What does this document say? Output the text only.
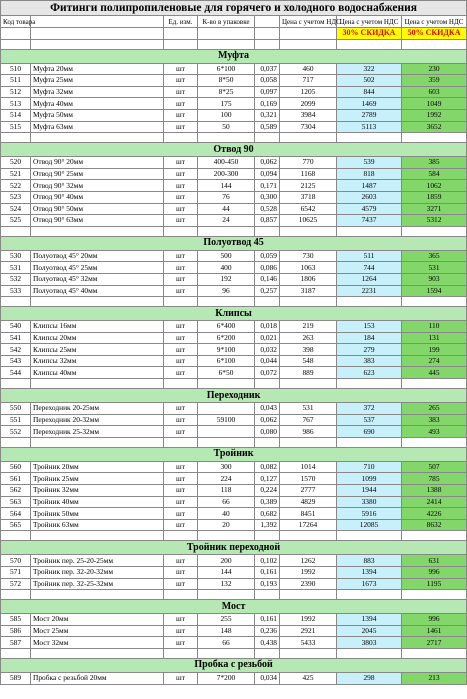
Фитинги полипропиленовые для горячего и холодного водоснабжения							
Код товара		Ед. изм.	К-во в упаковке		Цена с учетом НДС	Цена с учетом НДС	Цена с учетом НДС
						30% СКИДКА	50% СКИДКА

Муфта							
510	Муфта 20мм	шт	6*100	0,037	460	322	230
511	Муфта 25мм	шт	8*50	0,058	717	502	359
512	Муфта 32мм	шт	8*25	0,097	1205	844	603
513	Муфта 40мм	шт	175	0,169	2099	1469	1049
514	Муфта 50мм	шт	100	0,321	3984	2789	1992
515	Муфта 63мм	шт	50	0,589	7304	5113	3652

Отвод 90							
520	Отвод 90° 20мм	шт	400-450	0,062	770	539	385
521	Отвод 90° 25мм	шт	200-300	0,094	1168	818	584
522	Отвод 90° 32мм	шт	144	0,171	2125	1487	1062
523	Отвод 90° 40мм	шт	76	0,300	3718	2603	1859
524	Отвод 90° 50мм	шт	44	0,528	6542	4579	3271
525	Отвод 90° 63мм	шт	24	0,857	10625	7437	5312

Полуотвод 45							
530	Полуотвод 45° 20мм	шт	500	0,059	730	511	365
531	Полуотвод 45° 25мм	шт	400	0,086	1063	744	531
532	Полуотвод 45° 32мм	шт	192	0,146	1806	1264	903
533	Полуотвод 45° 40мм	шт	96	0,257	3187	2231	1594

Клипсы							
540	Клипсы 16мм	шт	6*400	0,018	219	153	110
541	Клипсы 20мм	шт	6*200	0,021	263	184	131
542	Клипсы 25мм	шт	9*100	0,032	398	279	199
543	Клипсы 32мм	шт	6*100	0,044	548	383	274
544	Клипсы 40мм	шт	6*50	0,072	889	623	445

Переходник							
550	Переходник 20-25мм	шт		0,043	531	372	265
551	Переходник 20-32мм	шт	59100	0,062	767	537	383
552	Переходник 25-32мм	шт		0,080	986	690	493

Тройник							
560	Тройник 20мм	шт	300	0,082	1014	710	507
561	Тройник 25мм	шт	224	0,127	1570	1099	785
562	Тройник 32мм	шт	118	0,224	2777	1944	1388
563	Тройник 40мм	шт	66	0,389	4829	3380	2414
564	Тройник 50мм	шт	40	0,682	8451	5916	4226
565	Тройник 63мм	шт	20	1,392	17264	12085	8632

Тройник переходной							
570	Тройник пер. 25-20-25мм	шт	200	0,102	1262	883	631
571	Тройник пер. 32-20-32мм	шт	144	0,161	1992	1394	996
572	Тройник пер. 32-25-32мм	шт	132	0,193	2390	1673	1195

Мост							
585	Мост 20мм	шт	255	0,161	1992	1394	996
586	Мост 25мм	шт	148	0,236	2921	2045	1461
587	Мост 32мм	шт	66	0,438	5433	3803	2717

Пробка с резьбой							
589	Пробка с резьбой 20мм	шт	7*200	0,034	425	298	213
